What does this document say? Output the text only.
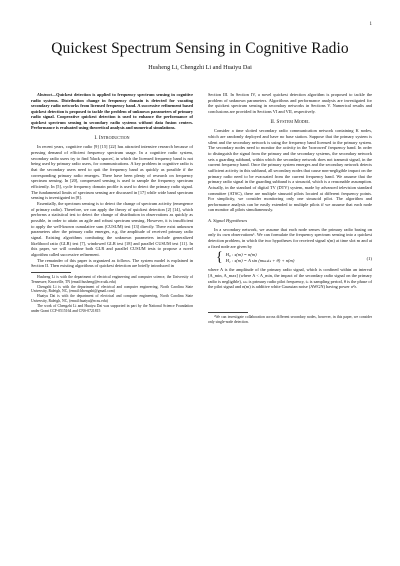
1
Quickest Spectrum Sensing in Cognitive Radio
Husheng Li, Chengzhi Li and Huaiyu Dai

Abstract—Quickest detection is applied to frequency spectrum sensing in cognitive radio systems. Distribution change in frequency domain is detected for vacating secondary radio networks from licensed frequency band. A successive refinement based quickest detection is proposed to tackle the problem of unknown parameters of primary radio signal. Cooperative quickest detection is used to enhance the performance of quickest spectrum sensing in secondary radio systems without data fusion centers. Performance is evaluated using theoretical analysis and numerical simulations.

I. Introduction

In recent years, cognitive radio [9] [15] [22] has attracted intensive research because of pressing demand of efficient frequency spectrum usage. In a cognitive radio system, secondary radio users try to find 'black spaces', in which the licensed frequency band is not being used by primary radio users, for communications. A key problem in cognitive radio is that the secondary users need to quit the frequency band as quickly as possible if the corresponding primary radio emerges. There have been plenty of research on frequency spectrum sensing. In [20], compressed sensing is used to sample the frequency spectrum efficiently. In [5], cycle frequency domain profile is used to detect the primary radio signal. The fundamental limits of spectrum sensing are discussed in [17] while wide band spectrum sensing is investigated in [8].

Essentially, the spectrum sensing is to detect the change of spectrum activity (emergence of primary radio). Therefore, we can apply the theory of quickest detection [2] [14], which performs a statistical test to detect the change of distribution in observations as quickly as possible, in order to attain an agile and robust spectrum sensing. However, it is insufficient to apply the well-known cumulative sum (CUSUM) test [13] directly. There exist unknown parameters after the primary radio emerges, e.g. the amplitude of received primary radio signal. Existing algorithms combating the unknown parameters include generalized likelihood ratio (GLR) test [7], windowed GLR test [18] and parallel CUSUM test [11]. In this paper, we will combine both GLR and parallel CUSUM tests to propose a novel algorithm called successive refinement.

The remainder of this paper is organized as follows. The system model is explained in Section II. Then existing algorithms of quickest detection are briefly introduced in

Husheng Li is with the department of electrical engineering and computer science, the University of Tennessee, Knoxville, TN (email:husheng@ece.utk.edu)

Chengzhi Li is with the department of electrical and computer engineering, North Carolina State University, Raleigh, NC, (email:lchengzhi@gmail.com)

Huaiyu Dai is with the department of electrical and computer engineering, North Carolina State University, Raleigh, NC, (email:huaiyu@ncsu.edu)

The work of Chengzhi Li and Huaiyu Dai was supported in part by the National Science Foundation under Grant CCF-0515164 and CNS-0721815

Section III. In Section IV, a novel quickest detection algorithm is proposed to tackle the problem of unknown parameters. Algorithms and performance analysis are investigated for the quickest spectrum sensing in secondary networks in Sections V. Numerical results and conclusions are provided in Sections VI and VII, respectively.

II. System Model

Consider a time slotted secondary radio communication network containing K nodes, which are randomly deployed and have no base station. Suppose that the primary system is silent and the secondary network is using the frequency band licensed to the primary system. The secondary nodes need to monitor the activity in the 'borrowed' frequency band. In order to distinguish the signal from the primary and the secondary systems, the secondary network sets a guarding subband, within which the secondary network does not transmit signal, in the current frequency band. Once the primary system emerges and the secondary network detects sufficient activity in this subband, all secondary nodes that cause non-negligible impact on the primary radio need to be evacuated from the current frequency band. We assume that the primary radio signal in the guarding subband is a sinusoid, which is a reasonable assumption. Actually, in the standard of digital TV (DTV) system, made by advanced television standard committee (ATSC), there are multiple sinusoid pilots located at different frequency points. For simplicity, we consider monitoring only one sinusoid pilot. The algorithm and performance analysis can be easily extended to multiple pilots if we assume that each node can monitor all pilots simultaneously.

A. Signal Hypotheses

In a secondary network, we assume that each node senses the primary radio basing on only its own observations¹. We can formulate the frequency spectrum sensing into a quickest detection problem, in which the two hypotheses for received signal s(m) at time slot m and at a fixed node are given by

{ H₀ : s(m) = n(m)
H₁ : s(m) = A sin (mωₛtₛ + θ) + n(m)
(1)

where A is the amplitude of the primary radio signal, which is confined within an interval [A_min, A_max] (where A < A_min, the impact of the secondary radio signal on the primary radio is negligible), ωₛ is primary radio pilot frequency, tₛ is sampling period, θ is the phase of the pilot signal and n(m) is additive white Gaussian noise (AWGN) having power σ²ₙ.

¹We can investigate collaboration across different secondary nodes, however, in this paper, we consider only single-node detection.
